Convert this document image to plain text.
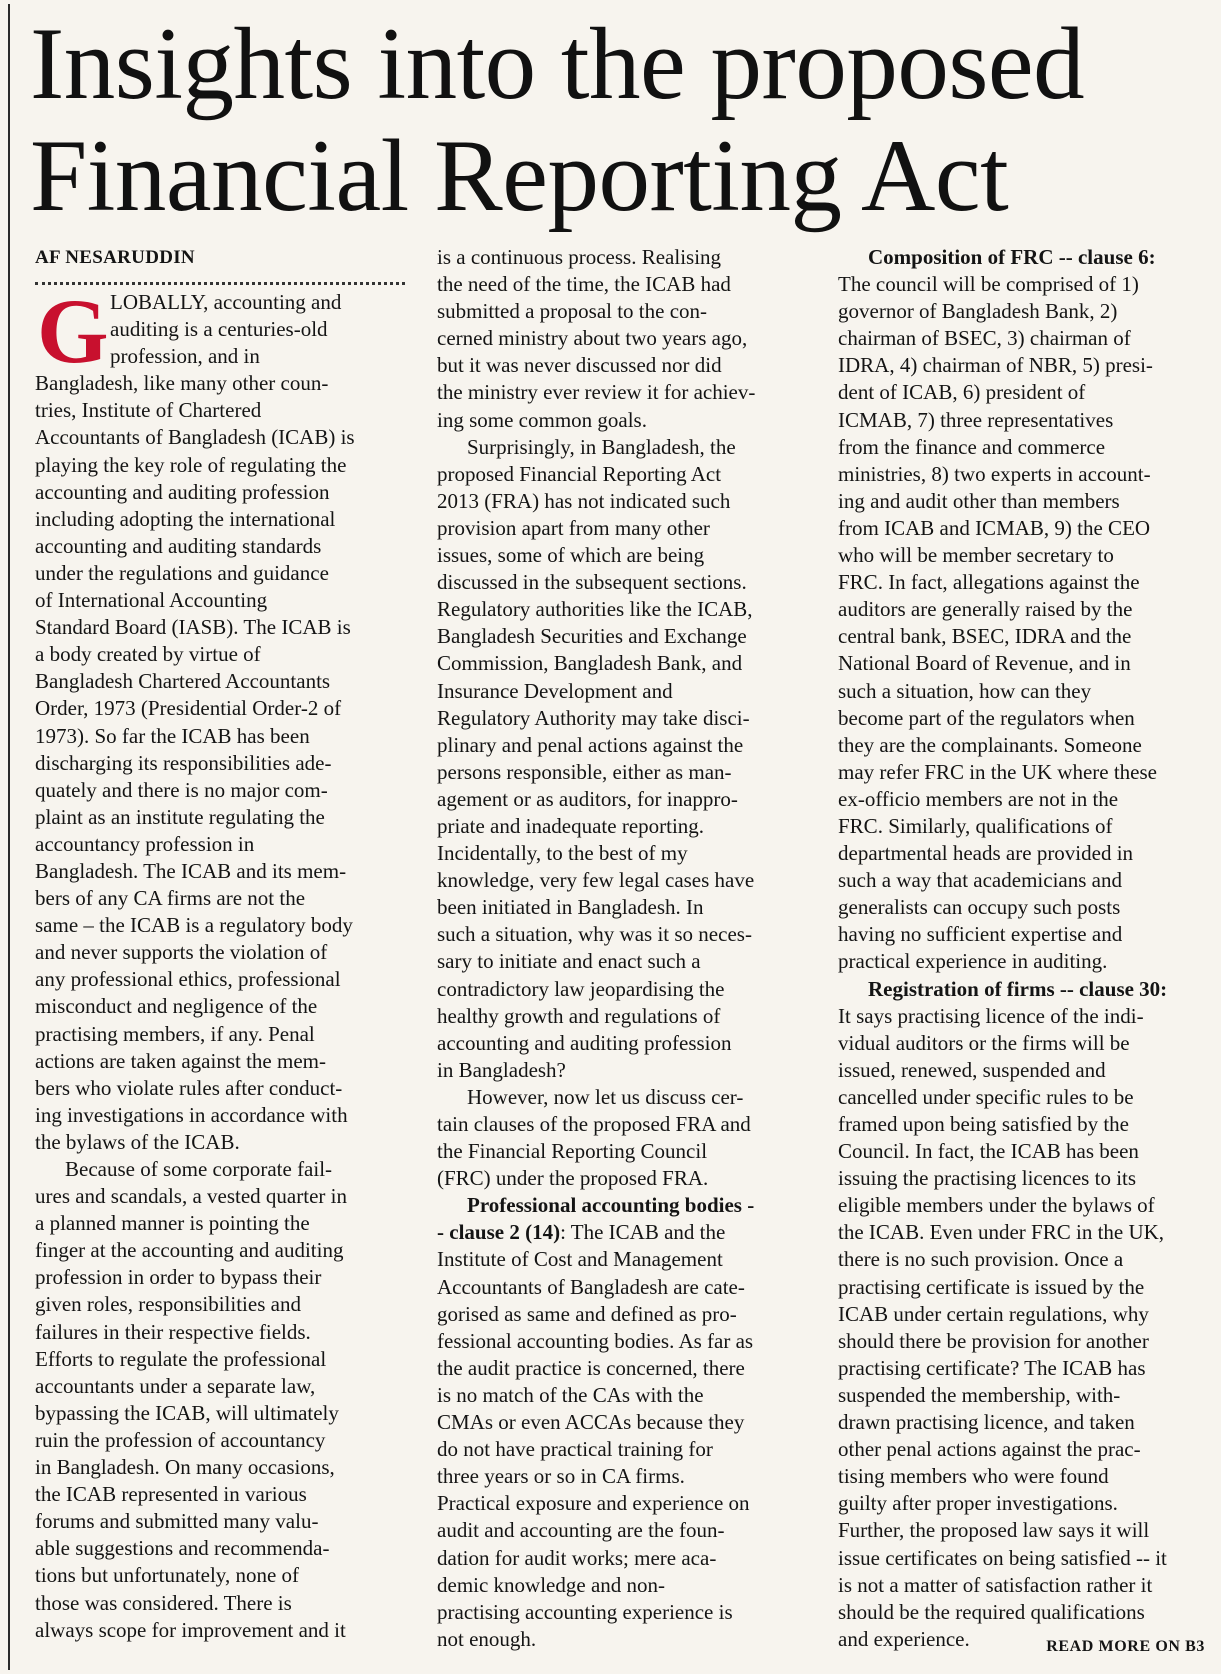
Insights into the proposed
Financial Reporting Act
AF NESARUDDIN
G LOBALLY, accounting and
auditing is a centuries-old
profession, and in
Bangladesh, like many other coun-
tries, Institute of Chartered
Accountants of Bangladesh (ICAB) is
playing the key role of regulating the
accounting and auditing profession
including adopting the international
accounting and auditing standards
under the regulations and guidance
of International Accounting
Standard Board (IASB). The ICAB is
a body created by virtue of
Bangladesh Chartered Accountants
Order, 1973 (Presidential Order-2 of
1973). So far the ICAB has been
discharging its responsibilities ade-
quately and there is no major com-
plaint as an institute regulating the
accountancy profession in
Bangladesh. The ICAB and its mem-
bers of any CA firms are not the
same – the ICAB is a regulatory body
and never supports the violation of
any professional ethics, professional
misconduct and negligence of the
practising members, if any. Penal
actions are taken against the mem-
bers who violate rules after conduct-
ing investigations in accordance with
the bylaws of the ICAB.
Because of some corporate fail-
ures and scandals, a vested quarter in
a planned manner is pointing the
finger at the accounting and auditing
profession in order to bypass their
given roles, responsibilities and
failures in their respective fields.
Efforts to regulate the professional
accountants under a separate law,
bypassing the ICAB, will ultimately
ruin the profession of accountancy
in Bangladesh. On many occasions,
the ICAB represented in various
forums and submitted many valu-
able suggestions and recommenda-
tions but unfortunately, none of
those was considered. There is
always scope for improvement and it
is a continuous process. Realising
the need of the time, the ICAB had
submitted a proposal to the con-
cerned ministry about two years ago,
but it was never discussed nor did
the ministry ever review it for achiev-
ing some common goals.
Surprisingly, in Bangladesh, the
proposed Financial Reporting Act
2013 (FRA) has not indicated such
provision apart from many other
issues, some of which are being
discussed in the subsequent sections.
Regulatory authorities like the ICAB,
Bangladesh Securities and Exchange
Commission, Bangladesh Bank, and
Insurance Development and
Regulatory Authority may take disci-
plinary and penal actions against the
persons responsible, either as man-
agement or as auditors, for inappro-
priate and inadequate reporting.
Incidentally, to the best of my
knowledge, very few legal cases have
been initiated in Bangladesh. In
such a situation, why was it so neces-
sary to initiate and enact such a
contradictory law jeopardising the
healthy growth and regulations of
accounting and auditing profession
in Bangladesh?
However, now let us discuss cer-
tain clauses of the proposed FRA and
the Financial Reporting Council
(FRC) under the proposed FRA.
Professional accounting bodies -
- clause 2 (14): The ICAB and the
Institute of Cost and Management
Accountants of Bangladesh are cate-
gorised as same and defined as pro-
fessional accounting bodies. As far as
the audit practice is concerned, there
is no match of the CAs with the
CMAs or even ACCAs because they
do not have practical training for
three years or so in CA firms.
Practical exposure and experience on
audit and accounting are the foun-
dation for audit works; mere aca-
demic knowledge and non-
practising accounting experience is
not enough.
Composition of FRC -- clause 6:
The council will be comprised of 1)
governor of Bangladesh Bank, 2)
chairman of BSEC, 3) chairman of
IDRA, 4) chairman of NBR, 5) presi-
dent of ICAB, 6) president of
ICMAB, 7) three representatives
from the finance and commerce
ministries, 8) two experts in account-
ing and audit other than members
from ICAB and ICMAB, 9) the CEO
who will be member secretary to
FRC. In fact, allegations against the
auditors are generally raised by the
central bank, BSEC, IDRA and the
National Board of Revenue, and in
such a situation, how can they
become part of the regulators when
they are the complainants. Someone
may refer FRC in the UK where these
ex-officio members are not in the
FRC. Similarly, qualifications of
departmental heads are provided in
such a way that academicians and
generalists can occupy such posts
having no sufficient expertise and
practical experience in auditing.
Registration of firms -- clause 30:
It says practising licence of the indi-
vidual auditors or the firms will be
issued, renewed, suspended and
cancelled under specific rules to be
framed upon being satisfied by the
Council. In fact, the ICAB has been
issuing the practising licences to its
eligible members under the bylaws of
the ICAB. Even under FRC in the UK,
there is no such provision. Once a
practising certificate is issued by the
ICAB under certain regulations, why
should there be provision for another
practising certificate? The ICAB has
suspended the membership, with-
drawn practising licence, and taken
other penal actions against the prac-
tising members who were found
guilty after proper investigations.
Further, the proposed law says it will
issue certificates on being satisfied -- it
is not a matter of satisfaction rather it
should be the required qualifications
and experience.	READ MORE ON B3
